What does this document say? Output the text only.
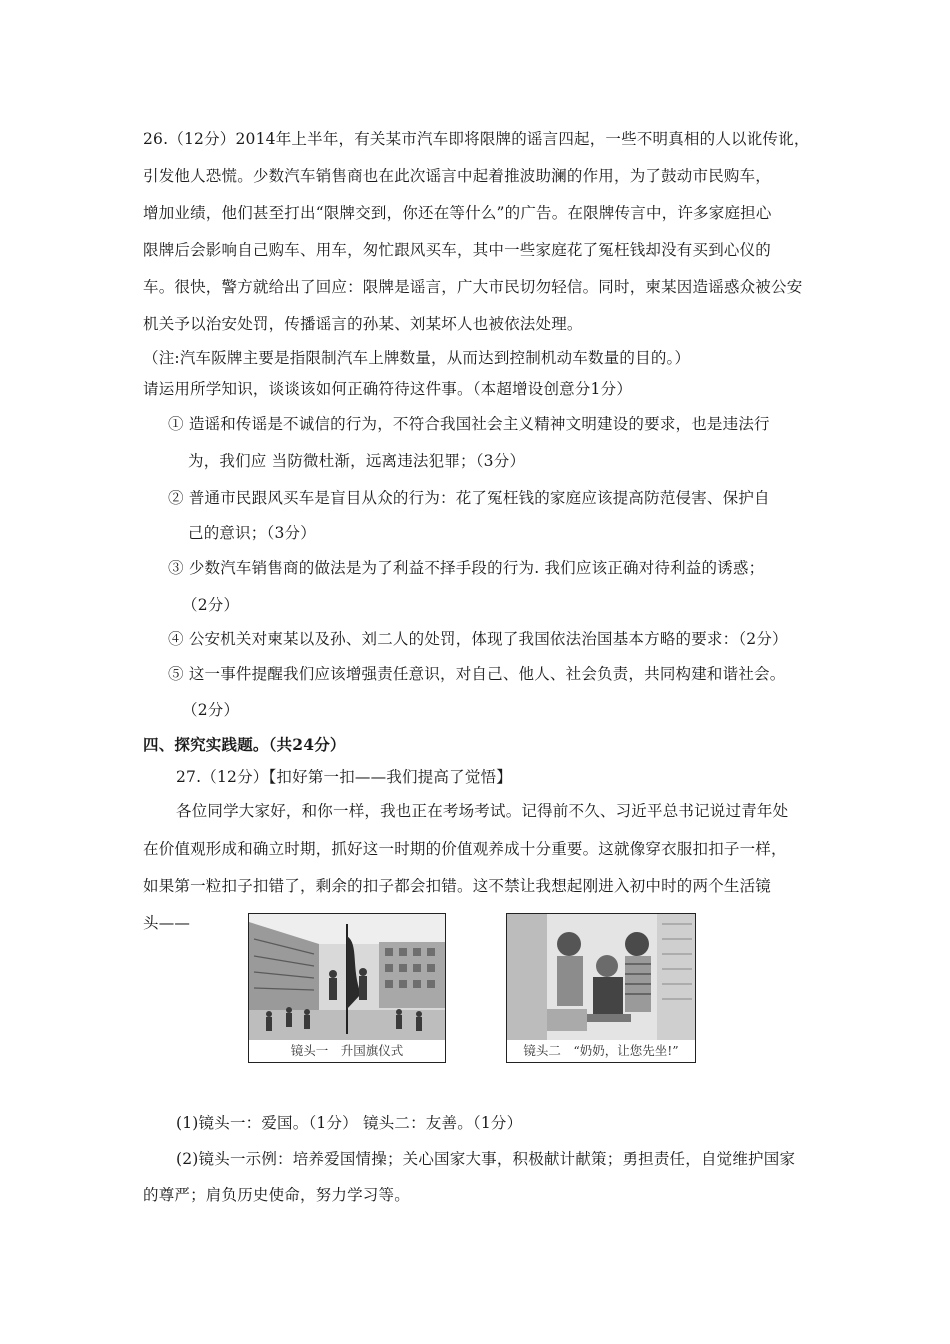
26.（12分）2014年上半年，有关某市汽车即将限牌的谣言四起，一些不明真相的人以讹传讹，
引发他人恐慌。少数汽车销售商也在此次谣言中起着推波助澜的作用，为了鼓动市民购车，
增加业绩，他们甚至打出“限牌交到，你还在等什么”的广告。在限牌传言中，许多家庭担心
限牌后会影响自己购车、用车，匆忙跟风买车，其中一些家庭花了冤枉钱却没有买到心仪的
车。很快，警方就给出了回应：限牌是谣言，广大市民切勿轻信。同时，柬某因造谣惑众被公安
机关予以治安处罚，传播谣言的孙某、刘某坏人也被依法处理。
（注:汽车阪牌主要是指限制汽车上牌数量，从而达到控制机动车数量的目的。）
请运用所学知识，谈谈该如何正确符待这件事。（本超增设创意分1分）
① 造谣和传谣是不诚信的行为，不符合我国社会主义精神文明建设的要求，也是违法行
为，我们应 当防微杜渐，远离违法犯罪；（3分）
② 普通市民跟风买车是盲目从众的行为：花了冤枉钱的家庭应该提高防范侵害、保护自
己的意识；（3分）
③ 少数汽车销售商的做法是为了利益不择手段的行为. 我们应该正确对待利益的诱惑；
（2分）
④ 公安机关对柬某以及孙、刘二人的处罚，体现了我国依法治国基本方略的要求：（2分）
⑤ 这一事件提醒我们应该增强责任意识，对自己、他人、社会负责，共同构建和谐社会。
（2分）
四、探究实践题。（共24分）
27.（12分）【扣好第一扣——我们提高了觉悟】
各位同学大家好，和你一样，我也正在考场考试。记得前不久、习近平总书记说过青年处
在价值观形成和确立时期，抓好这一时期的价值观养成十分重要。这就像穿衣服扣扣子一样，
如果第一粒扣子扣错了，剩余的扣子都会扣错。这不禁让我想起刚进入初中时的两个生活镜
头——
镜头一　升国旗仪式	镜头二　“奶奶，让您先坐!”
(1)镜头一：爱国。（1分） 镜头二：友善。（1分）
(2)镜头一示例：培养爱国情操；关心国家大事，积极献计献策；勇担责任，自觉维护国家
的尊严；肩负历史使命，努力学习等。
